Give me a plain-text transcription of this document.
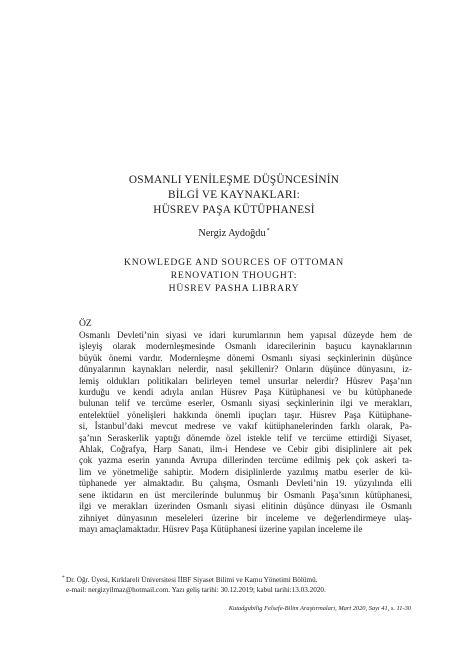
OSMANLI YENİLEŞME DÜŞÜNCESİNİN
BİLGİ VE KAYNAKLARI:
HÜSREV PAŞA KÜTÜPHANESİ
Nergiz Aydoğdu*
KNOWLEDGE AND SOURCES OF OTTOMAN
RENOVATION THOUGHT:
HÜSREV PASHA LIBRARY
ÖZ
Osmanlı Devleti’nin siyasi ve idari kurumlarının hem yapısal düzeyde hem de
işleyiş olarak modernleşmesinde Osmanlı idarecilerinin başucu kaynaklarının
büyük önemi vardır. Modernleşme dönemi Osmanlı siyasi seçkinlerinin düşünce
dünyalarının kaynakları nelerdir, nasıl şekillenir? Onların düşünce dünyasını, iz-
lemiş oldukları politikaları belirleyen temel unsurlar nelerdir? Hüsrev Paşa’nın
kurduğu ve kendi adıyla anılan Hüsrev Paşa Kütüphanesi ve bu kütüphanede
bulunan telif ve tercüme eserler, Osmanlı siyasi seçkinlerinin ilgi ve merakları,
entelektüel yönelişleri hakkında önemli ipuçları taşır. Hüsrev Paşa Kütüphane-
si, İstanbul’daki mevcut medrese ve vakıf kütüphanelerinden farklı olarak, Pa-
şa’nın Seraskerlik yaptığı dönemde özel istekle telif ve tercüme ettirdiği Siyaset,
Ahlak, Coğrafya, Harp Sanatı, ilm-i Hendese ve Cebir gibi disiplinlere ait pek
çok yazma eserin yanında Avrupa dillerinden tercüme edilmiş pek çok askeri ta-
lim ve yönetmeliğe sahiptir. Modern disiplinlerde yazılmış matbu eserler de kü-
tüphanede yer almaktadır. Bu çalışma, Osmanlı Devleti’nin 19. yüzyılında elli
sene iktidarın en üst mercilerinde bulunmuş bir Osmanlı Paşa’sının kütüphanesi,
ilgi ve merakları üzerinden Osmanlı siyasi elitinin düşünce dünyası ile Osmanlı
zihniyet dünyasının meseleleri üzerine bir inceleme ve değerlendirmeye ulaş-
mayı amaçlamaktadır. Hüsrev Paşa Kütüphanesi üzerine yapılan inceleme ile
* Dr. Öğr. Üyesi, Kırklareli Üniversitesi İİBF Siyaset Bilimi ve Kamu Yönetimi Bölümü.
e-mail: nergizyilmaz@hotmail.com. Yazı geliş tarihi: 30.12.2019; kabul tarihi:13.03.2020.
Kutadgubilig Felsefe-Bilim Araştırmaları, Mart 2020, Sayı 41, s. 11-30
